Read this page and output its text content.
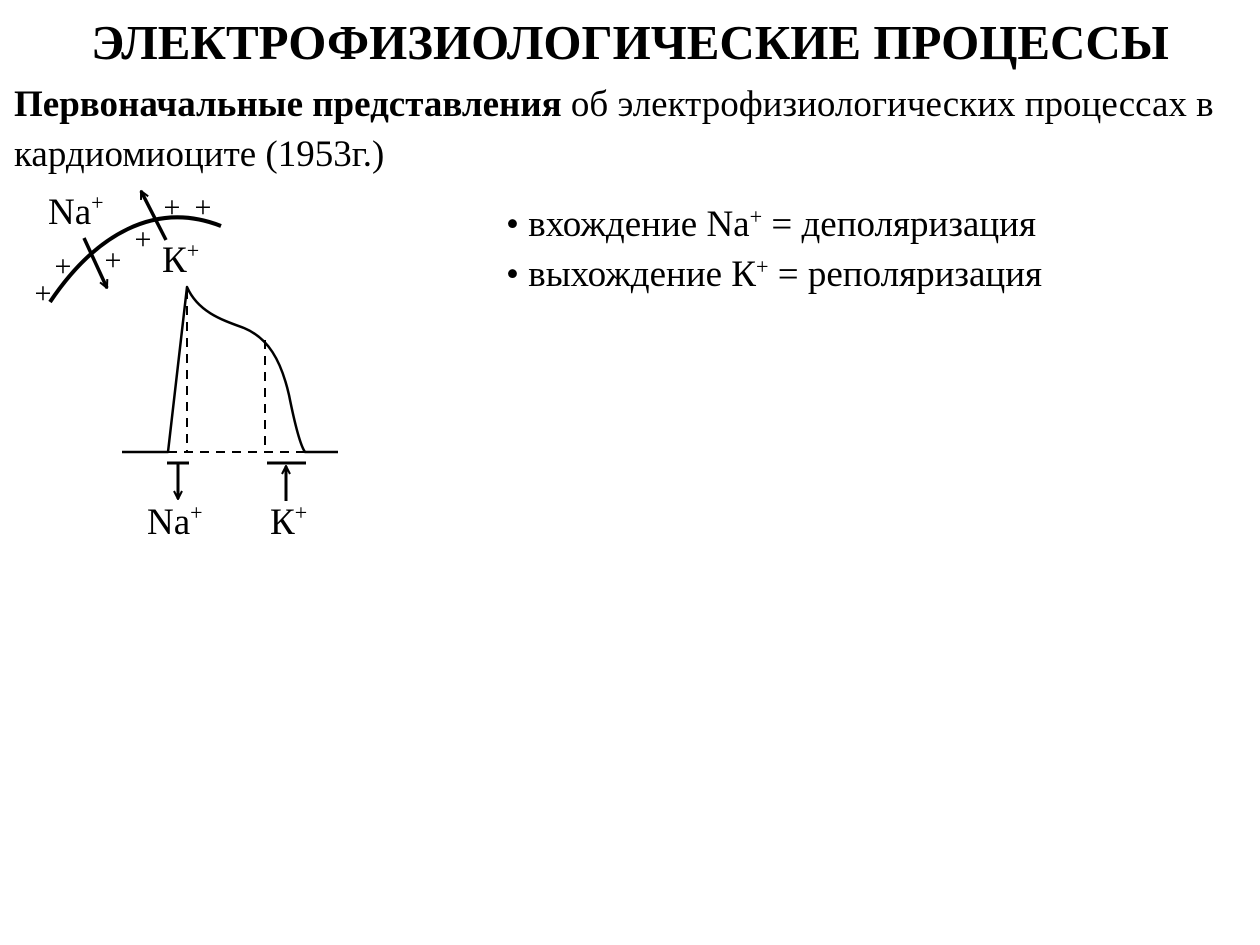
ЭЛЕКТРОФИЗИОЛОГИЧЕСКИЕ ПРОЦЕССЫ
Первоначальные представления об электрофизиологических процессах в кардиомиоците (1953г.)
• вхождение Na+ = деполяризация
• выхождение К+ = реполяризация
+
+ +
+
+ +
Na+
К+
Na+ К+
